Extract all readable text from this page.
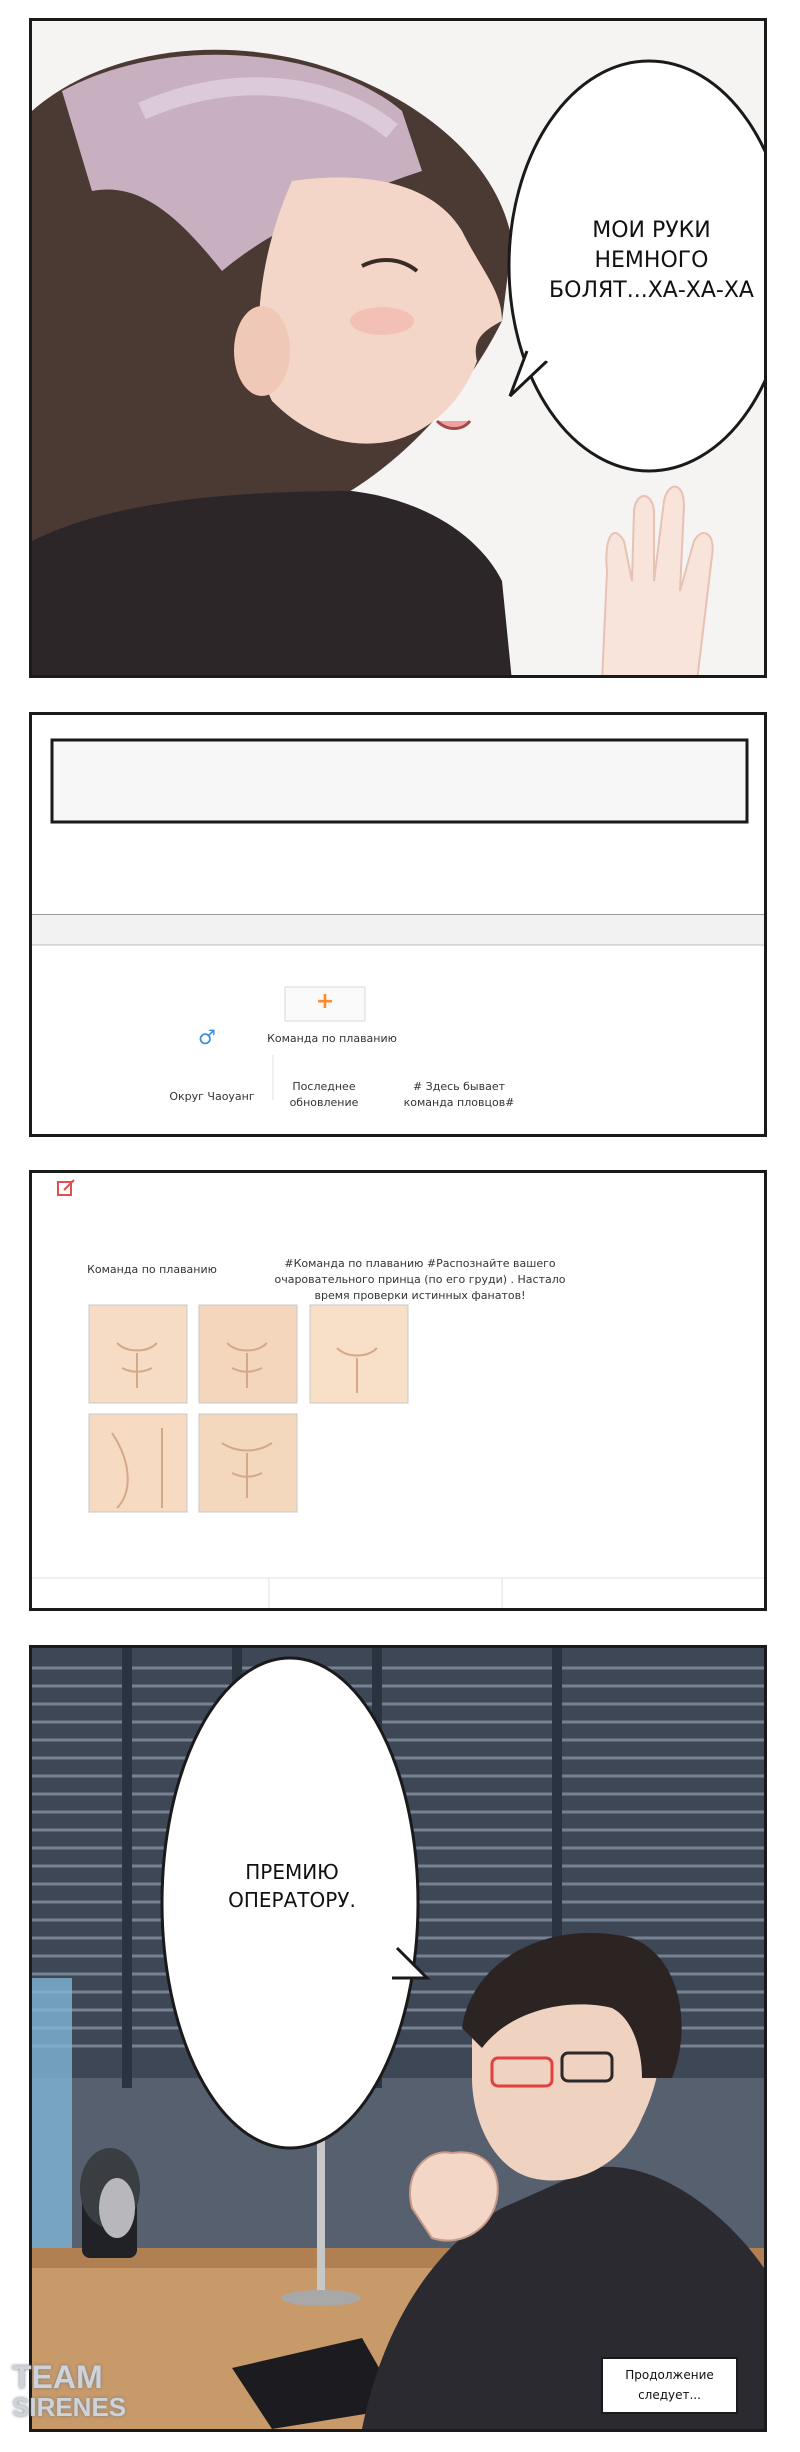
МОИ РУКИ
НЕМНОГО
БОЛЯТ...ХА-ХА-ХА
+
♂	Команда по плаванию
Округ Чаоуанг
Последнее
обновление
# Здесь бывает
команда пловцов#
Команда по плаванию	#Команда по плаванию #Распознайте вашего
очаровательного принца (по его груди) . Настало
время проверки истинных фанатов!
ПРЕМИЮ
ОПЕРАТОРУ.
Продолжение
следует...
TEAM
SIRENES
